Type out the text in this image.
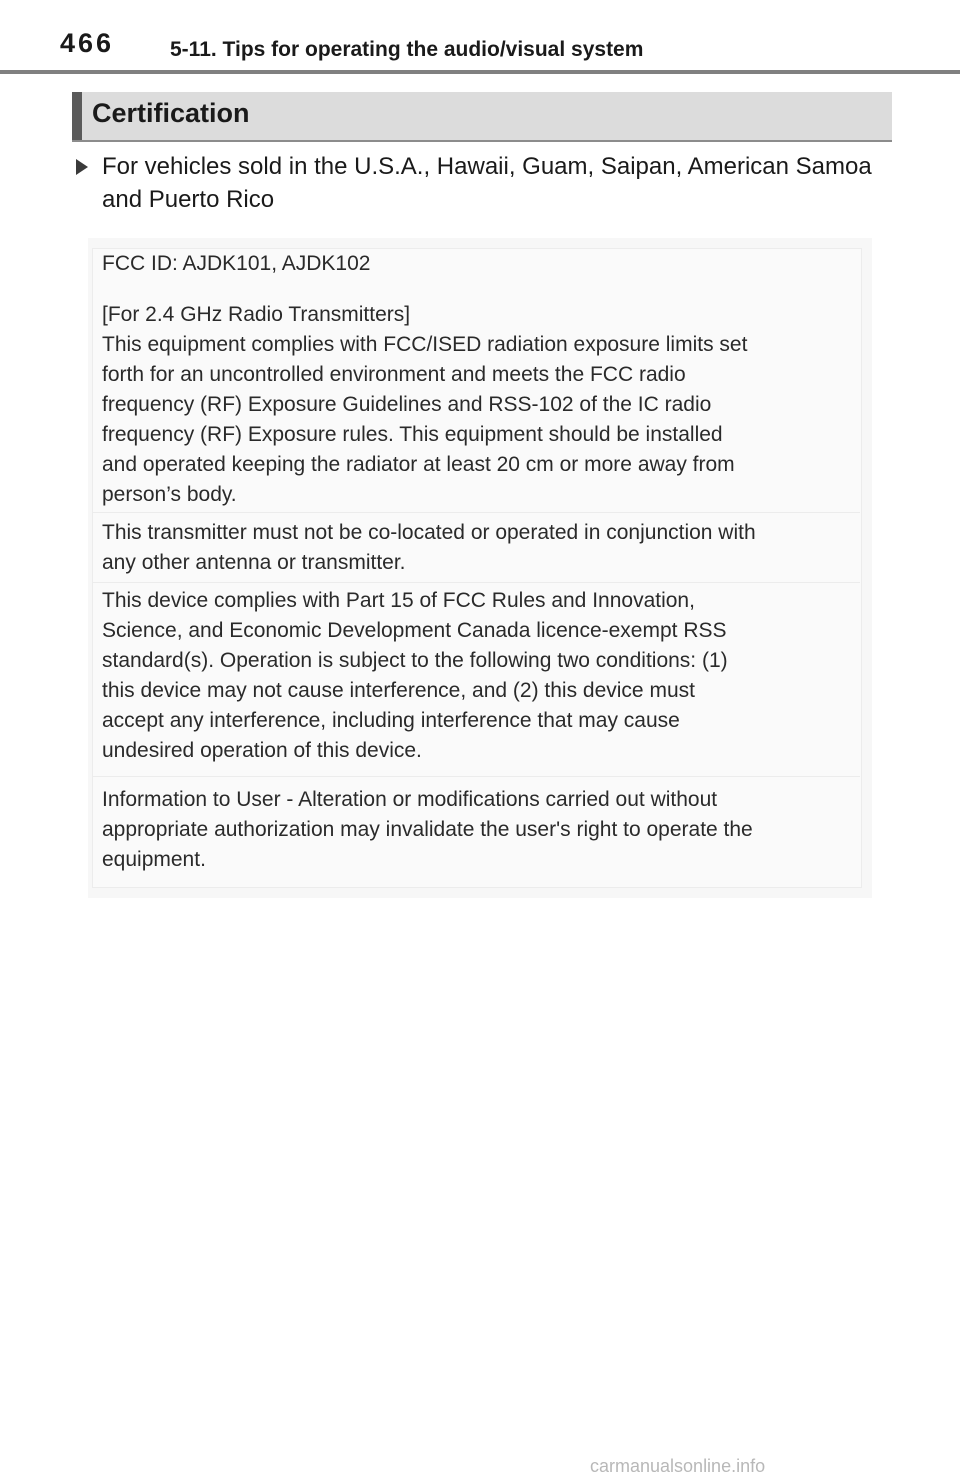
466	5-11. Tips for operating the audio/visual system
Certification
For vehicles sold in the U.S.A., Hawaii, Guam, Saipan, American Samoa and Puerto Rico
FCC ID: AJDK101, AJDK102
[For 2.4 GHz Radio Transmitters]
This equipment complies with FCC/ISED radiation exposure limits set
forth for an uncontrolled environment and meets the FCC radio
frequency (RF) Exposure Guidelines and RSS-102 of the IC radio
frequency (RF) Exposure rules. This equipment should be installed
and operated keeping the radiator at least 20 cm or more away from
person’s body.
This transmitter must not be co-located or operated in conjunction with
any other antenna or transmitter.
This device complies with Part 15 of FCC Rules and Innovation,
Science, and Economic Development Canada licence-exempt RSS
standard(s). Operation is subject to the following two conditions: (1)
this device may not cause interference, and (2) this device must
accept any interference, including interference that may cause
undesired operation of this device.
Information to User - Alteration or modifications carried out without
appropriate authorization may invalidate the user's right to operate the
equipment.
carmanualsonline.info
